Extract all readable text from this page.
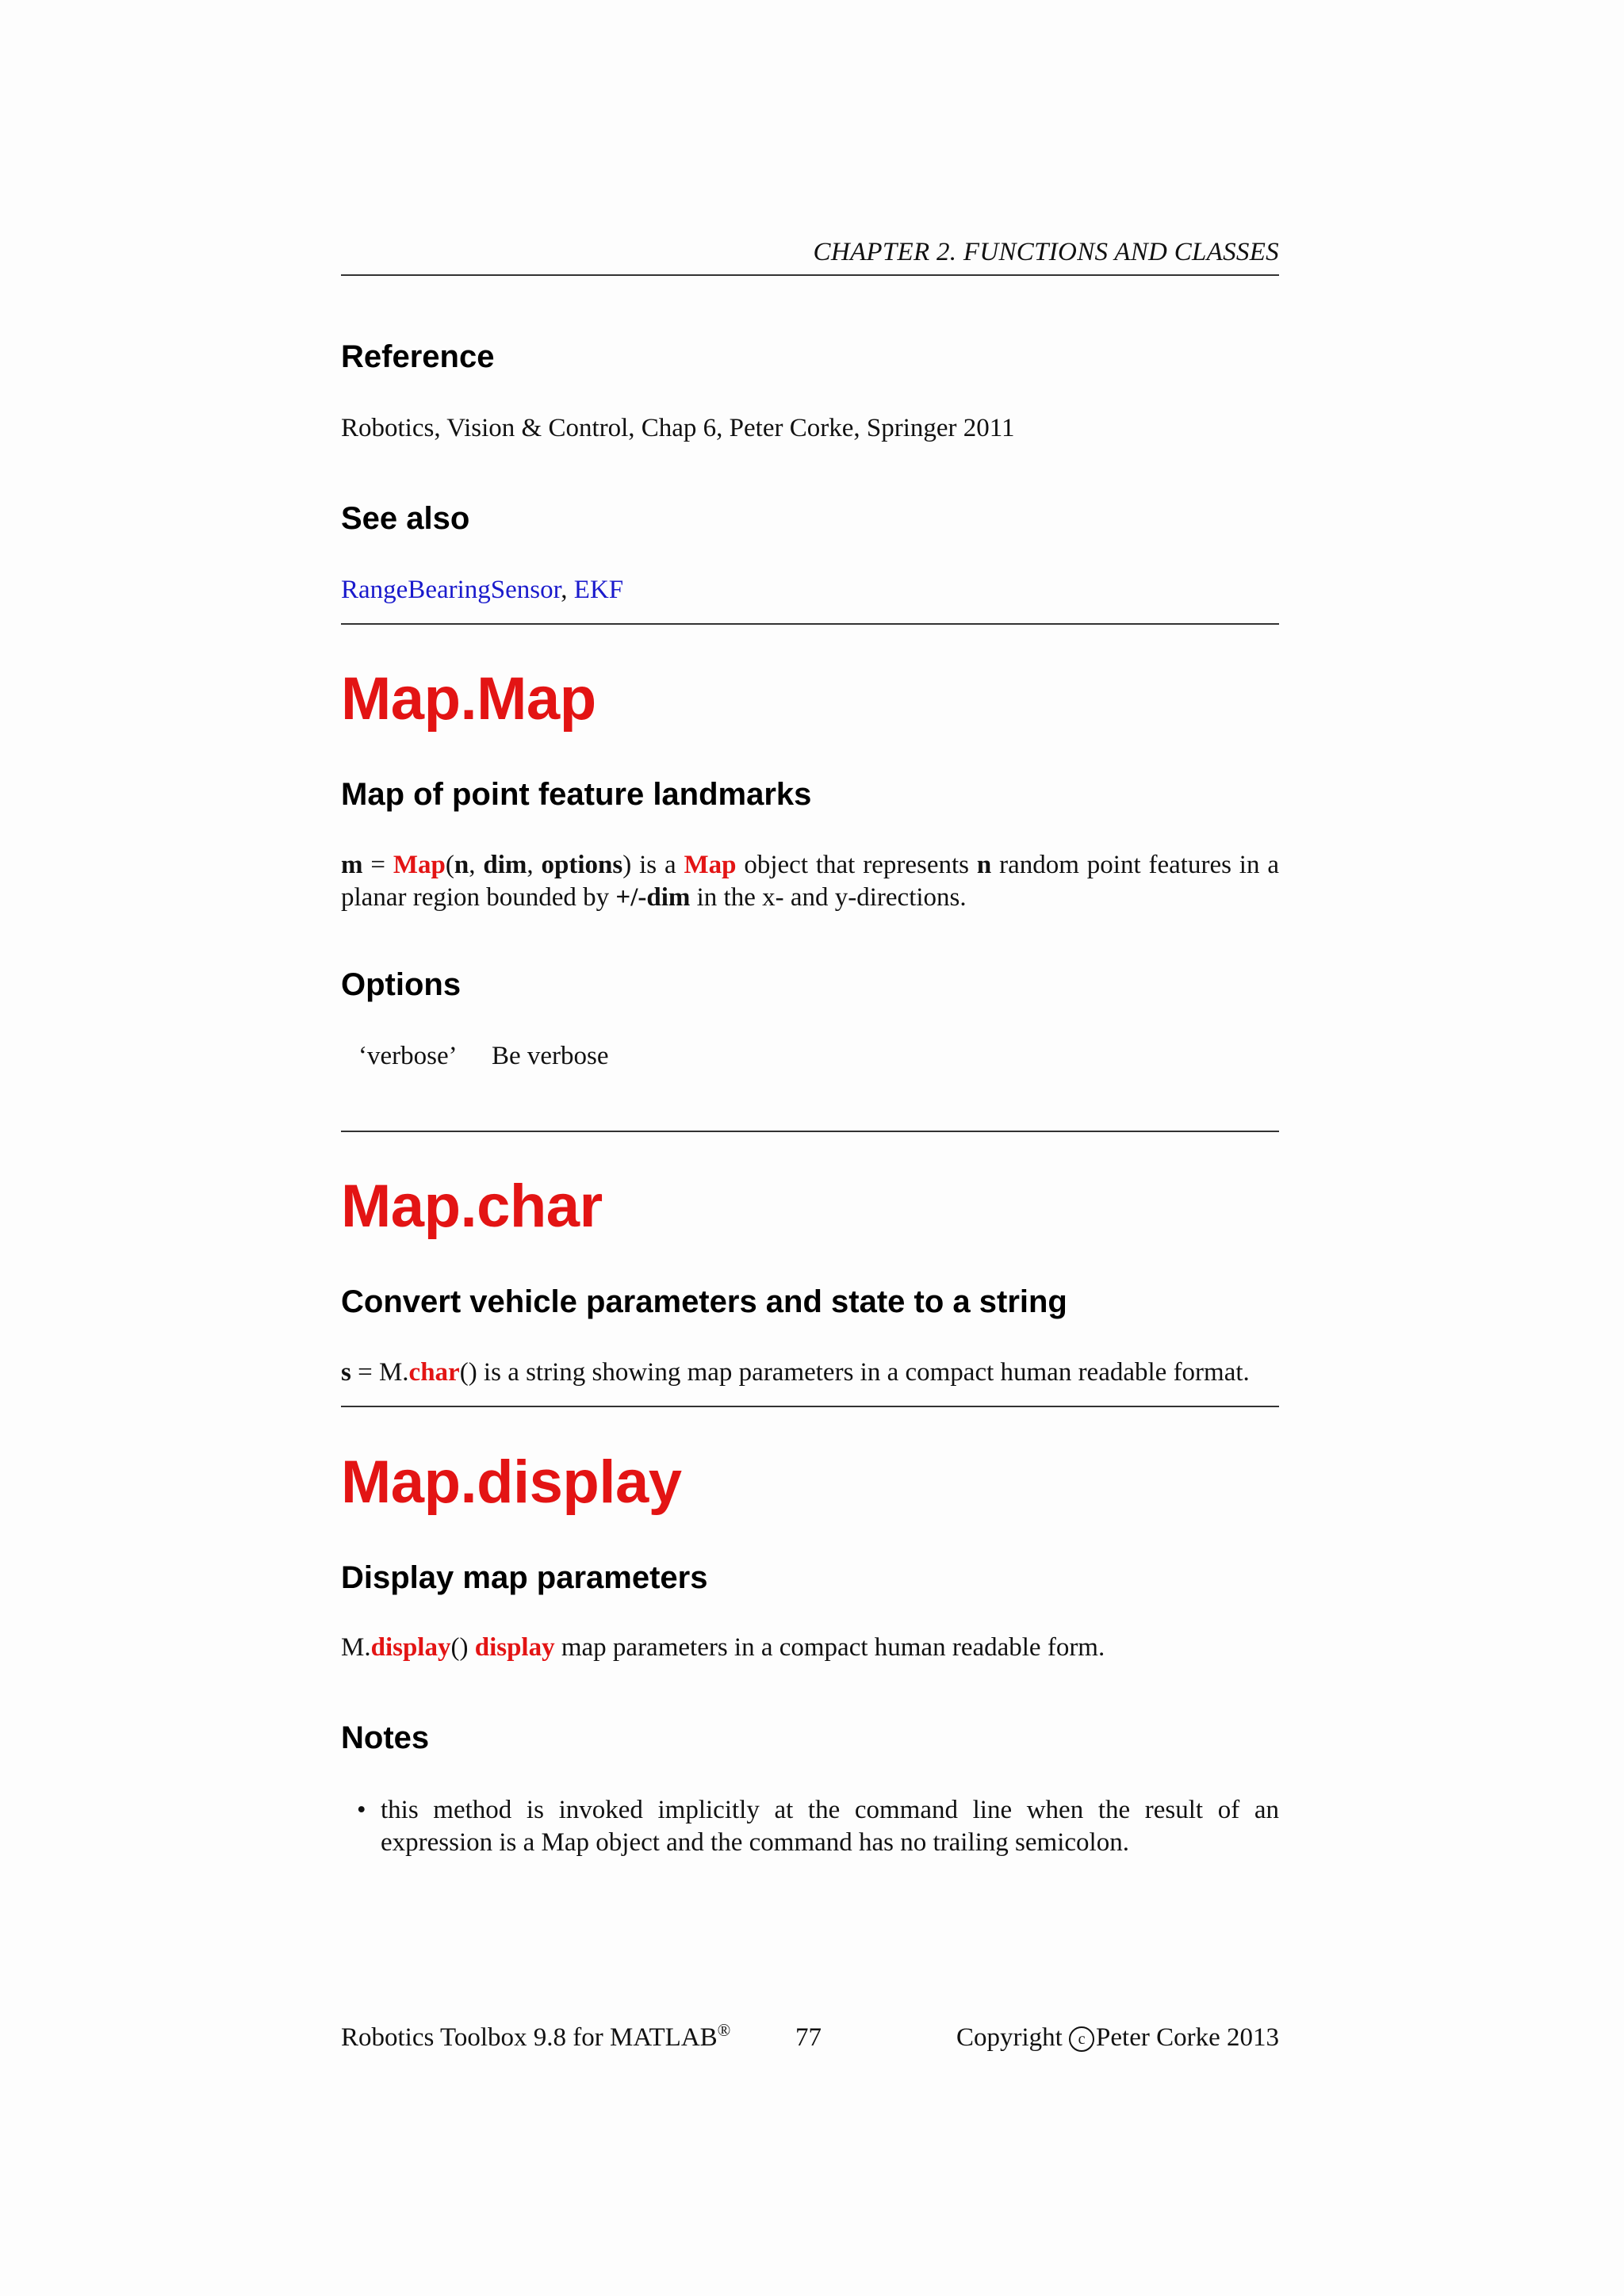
CHAPTER 2. FUNCTIONS AND CLASSES
Reference
Robotics, Vision & Control, Chap 6, Peter Corke, Springer 2011
See also
RangeBearingSensor, EKF
Map.Map
Map of point feature landmarks
m = Map(n, dim, options) is a Map object that represents n random point features in a planar region bounded by +/-dim in the x- and y-directions.
Options
‘verbose’ Be verbose
Map.char
Convert vehicle parameters and state to a string
s = M.char() is a string showing map parameters in a compact human readable format.
Map.display
Display map parameters
M.display() display map parameters in a compact human readable form.
Notes
• this method is invoked implicitly at the command line when the result of an expression is a Map object and the command has no trailing semicolon.
Robotics Toolbox 9.8 for MATLAB® 77	Copyright c Peter Corke 2013
